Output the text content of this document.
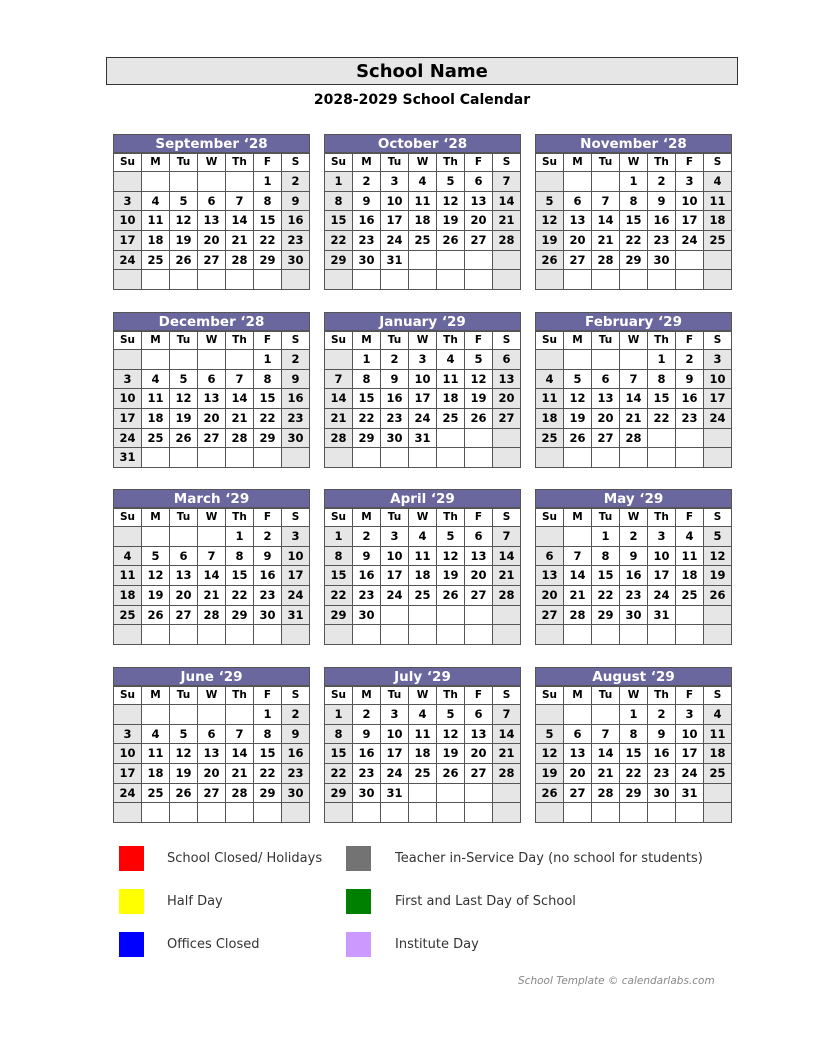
School Name
2028-2029 School Calendar
September ‘28
Su	M	Tu	W	Th	F	S
					1	2
3	4	5	6	7	8	9
10	11	12	13	14	15	16
17	18	19	20	21	22	23
24	25	26	27	28	29	30

October ‘28
Su	M	Tu	W	Th	F	S
1	2	3	4	5	6	7
8	9	10	11	12	13	14
15	16	17	18	19	20	21
22	23	24	25	26	27	28
29	30	31				

November ‘28
Su	M	Tu	W	Th	F	S
			1	2	3	4
5	6	7	8	9	10	11
12	13	14	15	16	17	18
19	20	21	22	23	24	25
26	27	28	29	30		

December ‘28
Su	M	Tu	W	Th	F	S
					1	2
3	4	5	6	7	8	9
10	11	12	13	14	15	16
17	18	19	20	21	22	23
24	25	26	27	28	29	30
31						
January ‘29
Su	M	Tu	W	Th	F	S
	1	2	3	4	5	6
7	8	9	10	11	12	13
14	15	16	17	18	19	20
21	22	23	24	25	26	27
28	29	30	31			

February ‘29
Su	M	Tu	W	Th	F	S
				1	2	3
4	5	6	7	8	9	10
11	12	13	14	15	16	17
18	19	20	21	22	23	24
25	26	27	28			

March ‘29
Su	M	Tu	W	Th	F	S
				1	2	3
4	5	6	7	8	9	10
11	12	13	14	15	16	17
18	19	20	21	22	23	24
25	26	27	28	29	30	31

April ‘29
Su	M	Tu	W	Th	F	S
1	2	3	4	5	6	7
8	9	10	11	12	13	14
15	16	17	18	19	20	21
22	23	24	25	26	27	28
29	30					

May ‘29
Su	M	Tu	W	Th	F	S
		1	2	3	4	5
6	7	8	9	10	11	12
13	14	15	16	17	18	19
20	21	22	23	24	25	26
27	28	29	30	31		

June ‘29
Su	M	Tu	W	Th	F	S
					1	2
3	4	5	6	7	8	9
10	11	12	13	14	15	16
17	18	19	20	21	22	23
24	25	26	27	28	29	30

July ‘29
Su	M	Tu	W	Th	F	S
1	2	3	4	5	6	7
8	9	10	11	12	13	14
15	16	17	18	19	20	21
22	23	24	25	26	27	28
29	30	31				

August ‘29
Su	M	Tu	W	Th	F	S
			1	2	3	4
5	6	7	8	9	10	11
12	13	14	15	16	17	18
19	20	21	22	23	24	25
26	27	28	29	30	31	

School Closed/ Holidays	Teacher in-Service Day (no school for students)
Half Day	First and Last Day of School
Offices Closed	Institute Day
School Template © calendarlabs.com
